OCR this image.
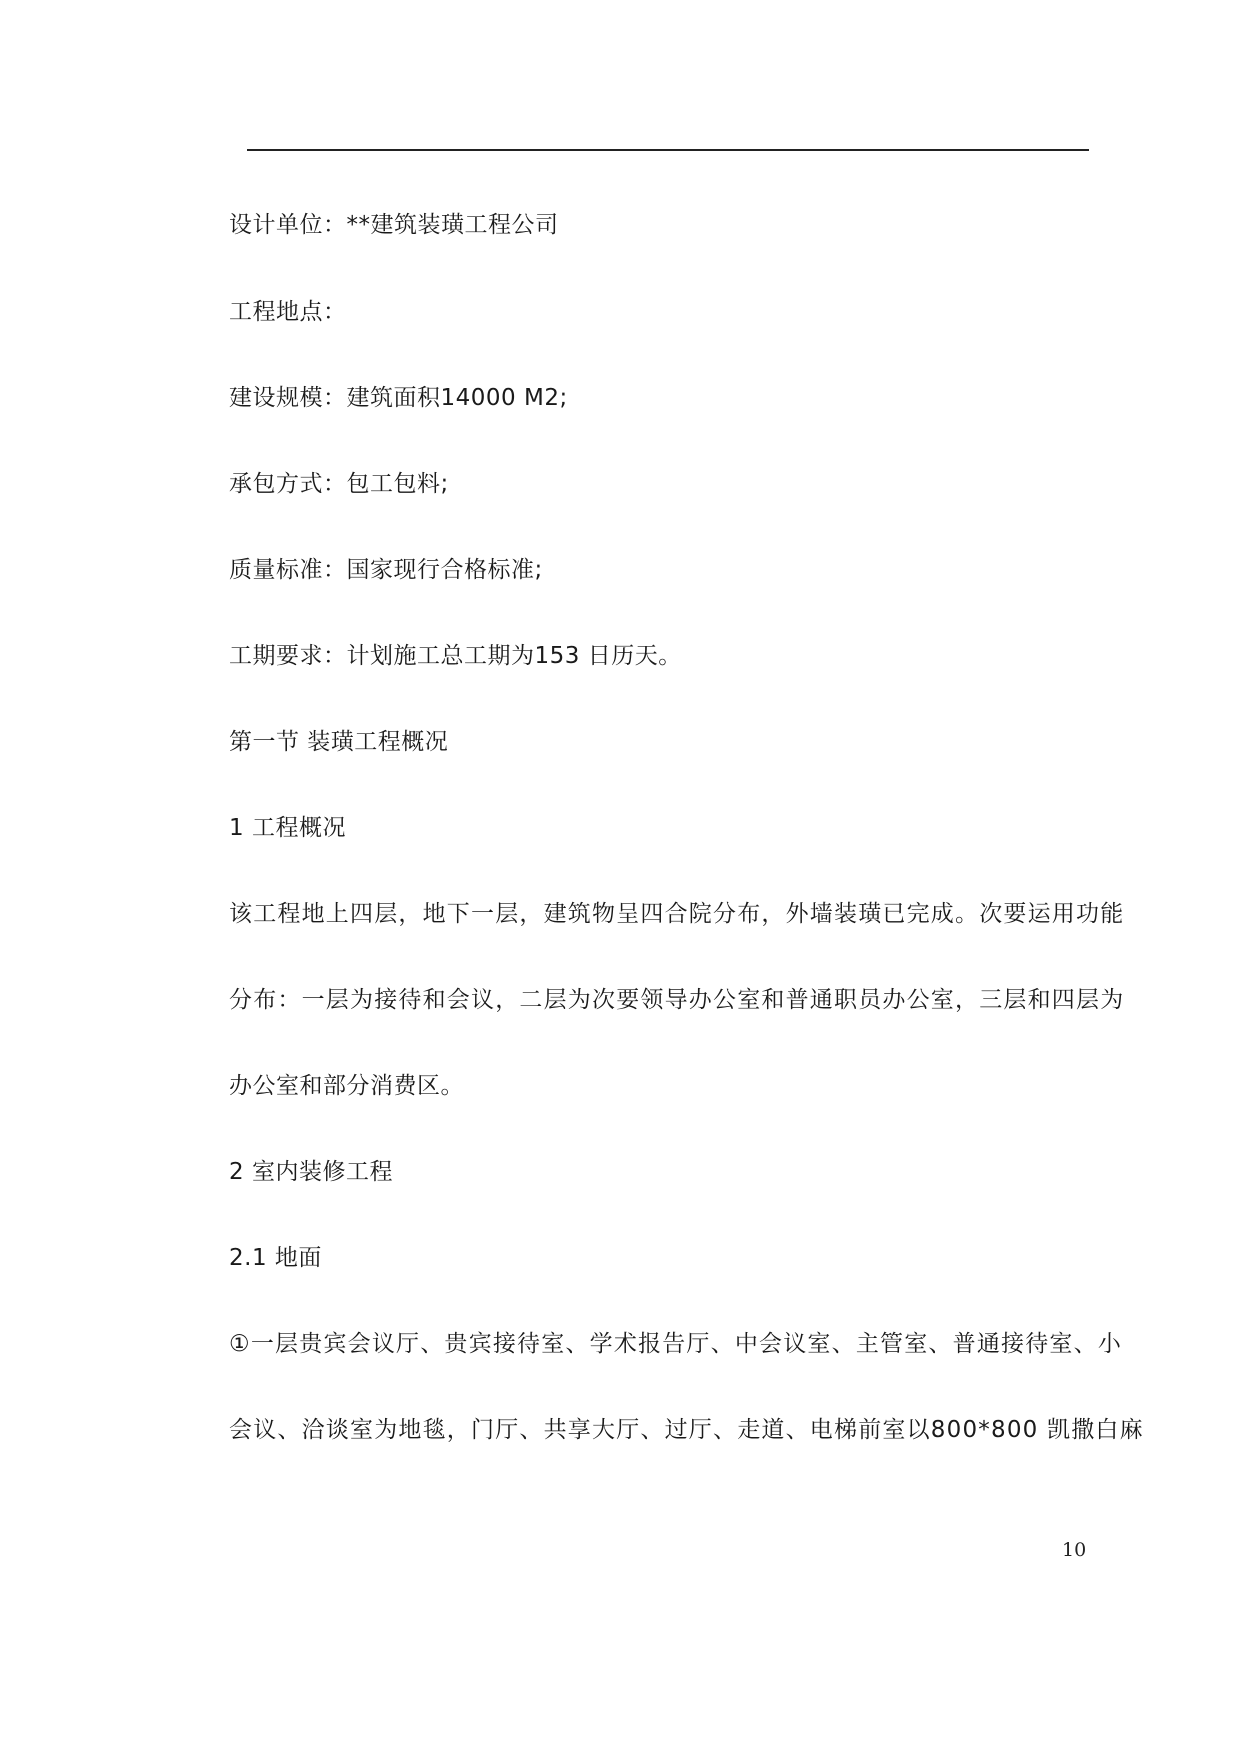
设计单位：**建筑装璜工程公司
工程地点：
建设规模：建筑面积14000 M2;
承包方式：包工包料;
质量标准：国家现行合格标准;
工期要求：计划施工总工期为153 日历天。
第一节 装璜工程概况
1 工程概况
该工程地上四层，地下一层，建筑物呈四合院分布，外墙装璜已完成。次要运用功能
分布：一层为接待和会议，二层为次要领导办公室和普通职员办公室，三层和四层为
办公室和部分消费区。
2 室内装修工程
2.1 地面
①一层贵宾会议厅、贵宾接待室、学术报告厅、中会议室、主管室、普通接待室、小
会议、洽谈室为地毯，门厅、共享大厅、过厅、走道、电梯前室以800*800 凯撒白麻
10
